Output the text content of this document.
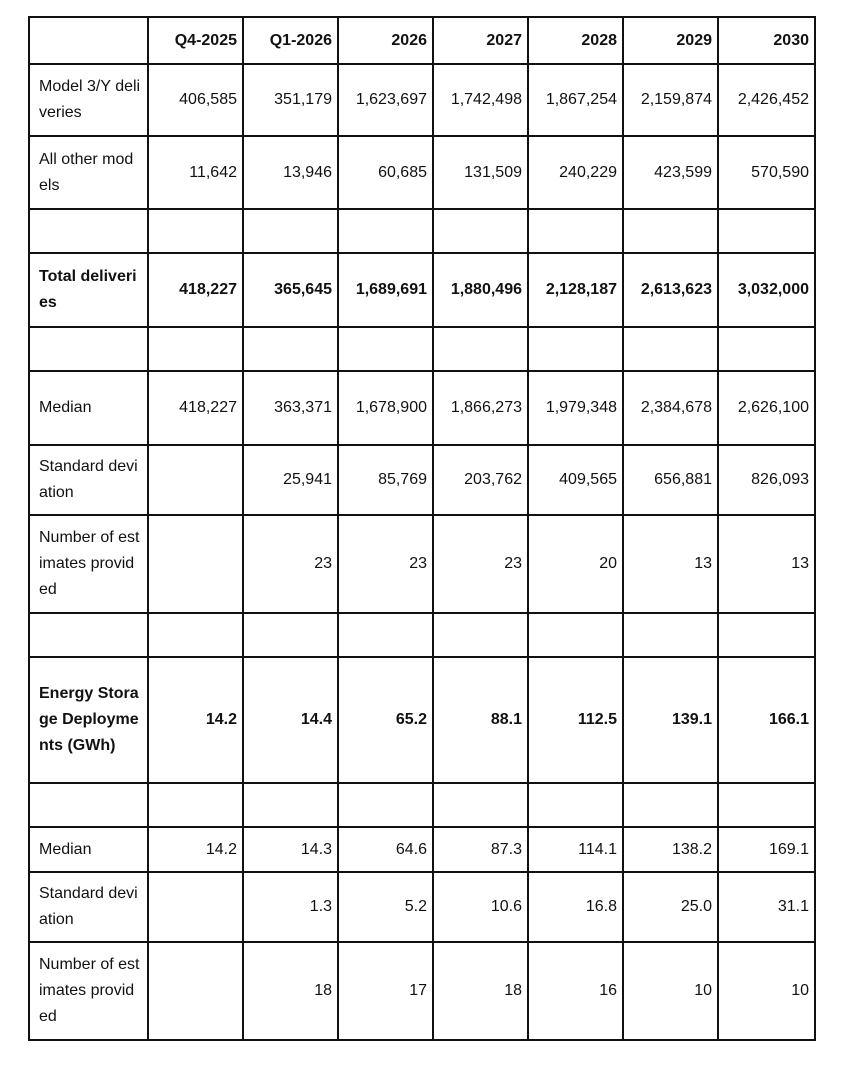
	Q4-2025	Q1-2026	2026	2027	2028	2029	2030
Model 3/Y deliveries	406,585	351,179	1,623,697	1,742,498	1,867,254	2,159,874	2,426,452
All other models	11,642	13,946	60,685	131,509	240,229	423,599	570,590

Total deliveries	418,227	365,645	1,689,691	1,880,496	2,128,187	2,613,623	3,032,000

Median	418,227	363,371	1,678,900	1,866,273	1,979,348	2,384,678	2,626,100
Standard deviation		25,941	85,769	203,762	409,565	656,881	826,093
Number of estimates provided		23	23	23	20	13	13

Energy Storage Deployments (GWh)	14.2	14.4	65.2	88.1	112.5	139.1	166.1

Median	14.2	14.3	64.6	87.3	114.1	138.2	169.1
Standard deviation		1.3	5.2	10.6	16.8	25.0	31.1
Number of estimates provided		18	17	18	16	10	10
